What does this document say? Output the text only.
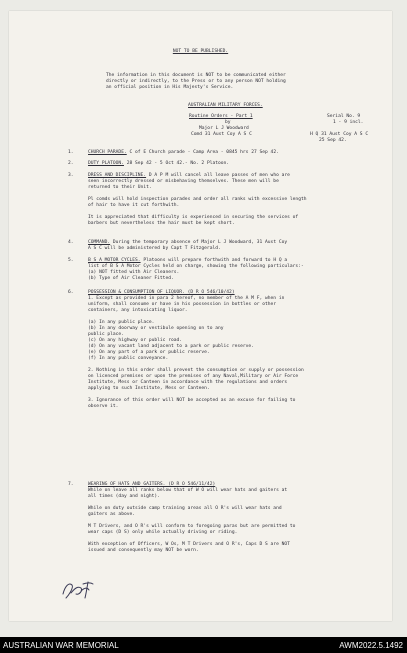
NOT TO BE PUBLISHED.
The information in this document is NOT to be communicated either
directly or indirectly, to the Press or to any person NOT holding
an official position in His Majesty's Service.
AUSTRALIAN MILITARY FORCES.
Routine Orders - Part 1
by
Major L J Woodward
Comd 31 Aust Coy A S C
Serial No. 9
1 - 9 incl.
H Q 31 Aust Coy A S C
25 Sep 42.
1.	CHURCH PARADE. C of E Church parade - Camp Area - 0845 hrs 27 Sep 42.
2.	DUTY PLATOON. 28 Sep 42 - 5 Oct 42.- No. 2 Platoon.
3.	DRESS AND DISCIPLINE. D A P M will cancel all leave passes of men who are
seen incorrectly dressed or misbehaving themselves. These men will be
returned to their Unit.
Pl comds will hold inspection parades and order all ranks with excessive length
of hair to have it cut forthwith.
It is appreciated that difficulty is experienced in securing the services of
barbers but nevertheless the hair must be kept short.
4.	COMMAND. During the temporary absence of Major L J Woodward, 31 Aust Coy
A S C will be administered by Capt T Fitzgerald.
5.	B S A MOTOR CYCLES. Platoons will prepare forthwith and forward to H Q a
list of B S A Motor Cycles held on charge, showing the following particulars:-
(a) NOT fitted with Air Cleaners.
(b) Type of Air Cleaner Fitted.
6.	POSSESSION & CONSUMPTION OF LIQUOR. (D R O 546/10/42)
1. Except as provided in para 2 hereof, no member of the A M F, when in
uniform, shall consume or have in his possession in bottles or other
containers, any intoxicating liquor.
(a) In any public place.
(b) In any doorway or vestibule opening on to any
public place.
(c) On any highway or public road.
(d) On any vacant land adjacent to a park or public reserve.
(e) On any part of a park or public reserve.
(f) In any public conveyance.
2. Nothing in this order shall prevent the consumption or supply or possession
on licenced premises or upon the premises of any Naval,Military or Air Force
Institute, Mess or Canteen in accordance with the regulations and orders
applying to such Institute, Mess or Canteen.
3. Ignorance of this order will NOT be accepted as an excuse for failing to
observe it.
7.	WEARING OF HATS AND GAITERS. (D R O 546/11/42)
While on leave all ranks below that of W O will wear hats and gaiters at
all times (day and night).
While on duty outside camp training areas all O R's will wear hats and
gaiters as above.
M T Drivers, and O R's will conform to foregoing paras but are permitted to
wear caps (D S) only while actually driving or riding.
With exception of Officers, W Os, M T Drivers and O R's, Caps D S are NOT
issued and consequently may NOT be worn.
AUSTRALIAN WAR MEMORIAL	AWM2022.5.1492
